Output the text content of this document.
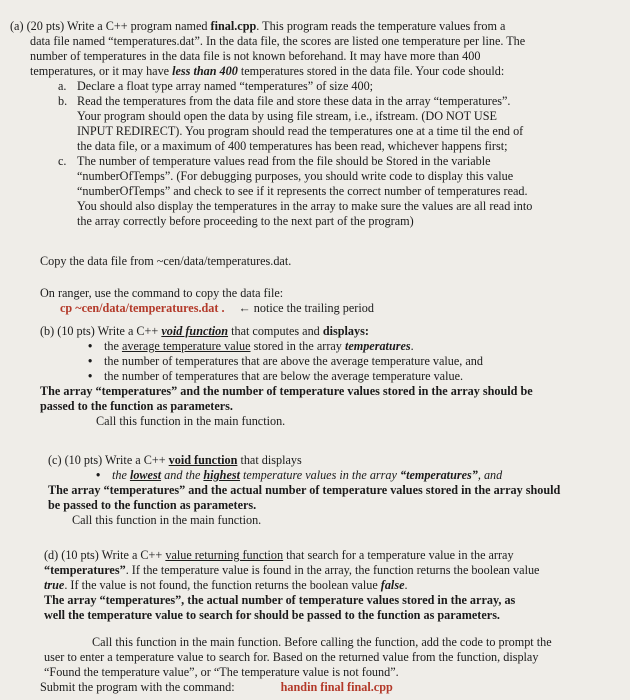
(a) (20 pts) Write a C++ program named final.cpp. This program reads the temperature values from a

data file named “temperatures.dat”. In the data file, the scores are listed one temperature per line. The

number of temperatures in the data file is not known beforehand. It may have more than 400

temperatures, or it may have less than 400 temperatures stored in the data file. Your code should:

a. Declare a float type array named “temperatures” of size 400;

b. Read the temperatures from the data file and store these data in the array “temperatures”.

Your program should open the data by using file stream, i.e., ifstream. (DO NOT USE

INPUT REDIRECT). You program should read the temperatures one at a time til the end of

the data file, or a maximum of 400 temperatures has been read, whichever happens first;

c. The number of temperature values read from the file should be Stored in the variable

“numberOfTemps”. (For debugging purposes, you should write code to display this value

“numberOfTemps” and check to see if it represents the correct number of temperatures read.

You should also display the temperatures in the array to make sure the values are all read into

the array correctly before proceeding to the next part of the program)

Copy the data file from ~cen/data/temperatures.dat.

On ranger, use the command to copy the data file:

cp ~cen/data/temperatures.dat . ← notice the trailing period

(b) (10 pts) Write a C++ void function that computes and displays:

• the average temperature value stored in the array temperatures.

• the number of temperatures that are above the average temperature value, and

• the number of temperatures that are below the average temperature value.

The array “temperatures” and the number of temperature values stored in the array should be

passed to the function as parameters.

Call this function in the main function.

(c) (10 pts) Write a C++ void function that displays

• the lowest and the highest temperature values in the array “temperatures”, and

The array “temperatures” and the actual number of temperature values stored in the array should

be passed to the function as parameters.

Call this function in the main function.

(d) (10 pts) Write a C++ value returning function that search for a temperature value in the array

“temperatures”. If the temperature value is found in the array, the function returns the boolean value

true. If the value is not found, the function returns the boolean value false.

The array “temperatures”, the actual number of temperature values stored in the array, as

well the temperature value to search for should be passed to the function as parameters.

Call this function in the main function. Before calling the function, add the code to prompt the

user to enter a temperature value to search for. Based on the returned value from the function, display

“Found the temperature value”, or “The temperature value is not found”.

Submit the program with the command:	handin final final.cpp
